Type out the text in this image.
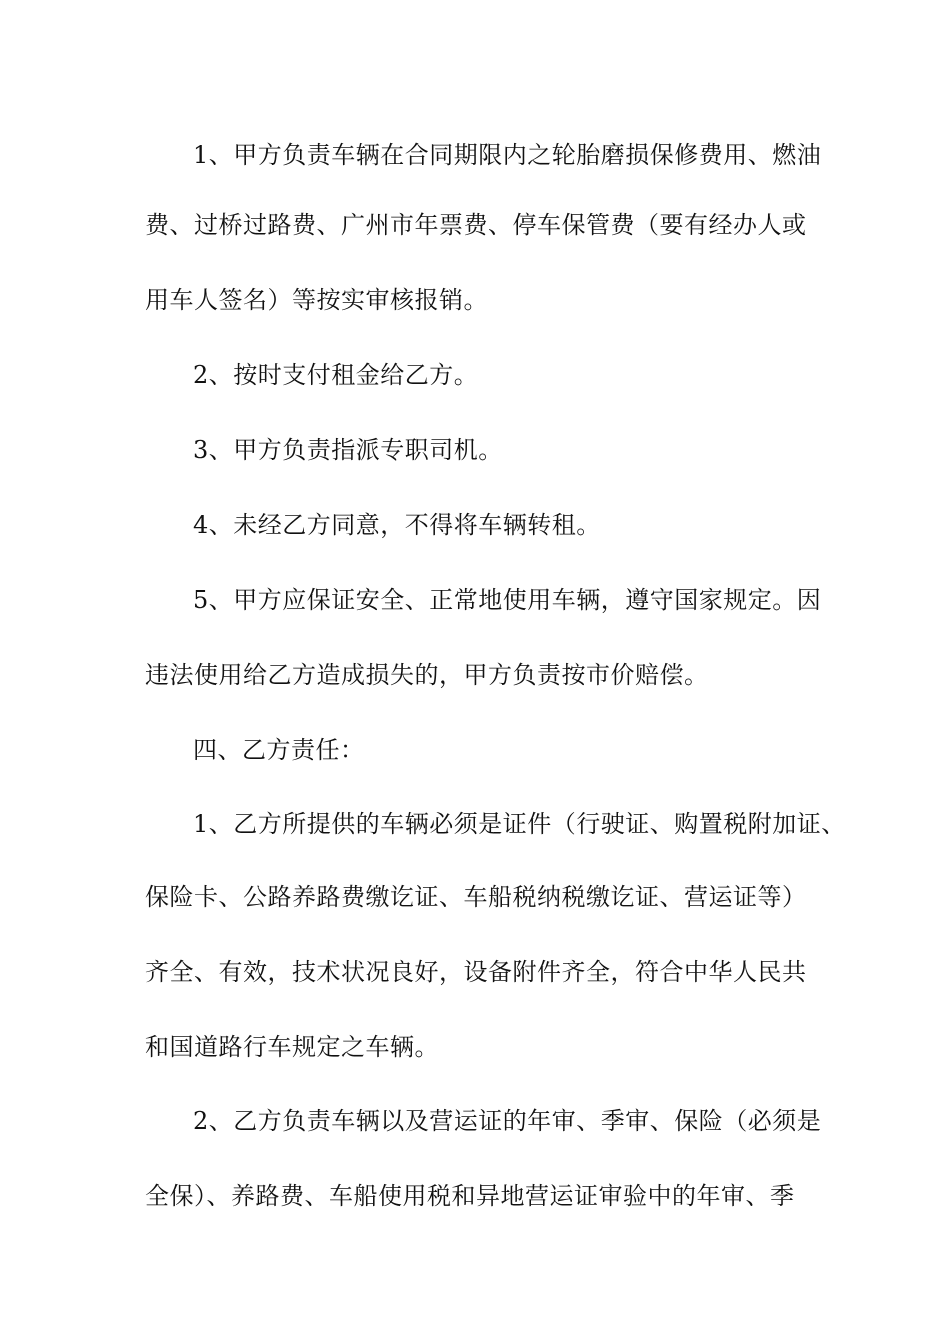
1、甲方负责车辆在合同期限内之轮胎磨损保修费用、燃油
费、过桥过路费、广州市年票费、停车保管费（要有经办人或
用车人签名）等按实审核报销。
2、按时支付租金给乙方。
3、甲方负责指派专职司机。
4、未经乙方同意，不得将车辆转租。
5、甲方应保证安全、正常地使用车辆，遵守国家规定。因
违法使用给乙方造成损失的，甲方负责按市价赔偿。
四、乙方责任：
1、乙方所提供的车辆必须是证件（行驶证、购置税附加证、
保险卡、公路养路费缴讫证、车船税纳税缴讫证、营运证等）
齐全、有效，技术状况良好，设备附件齐全，符合中华人民共
和国道路行车规定之车辆。
2、乙方负责车辆以及营运证的年审、季审、保险（必须是
全保）、养路费、车船使用税和异地营运证审验中的年审、季
